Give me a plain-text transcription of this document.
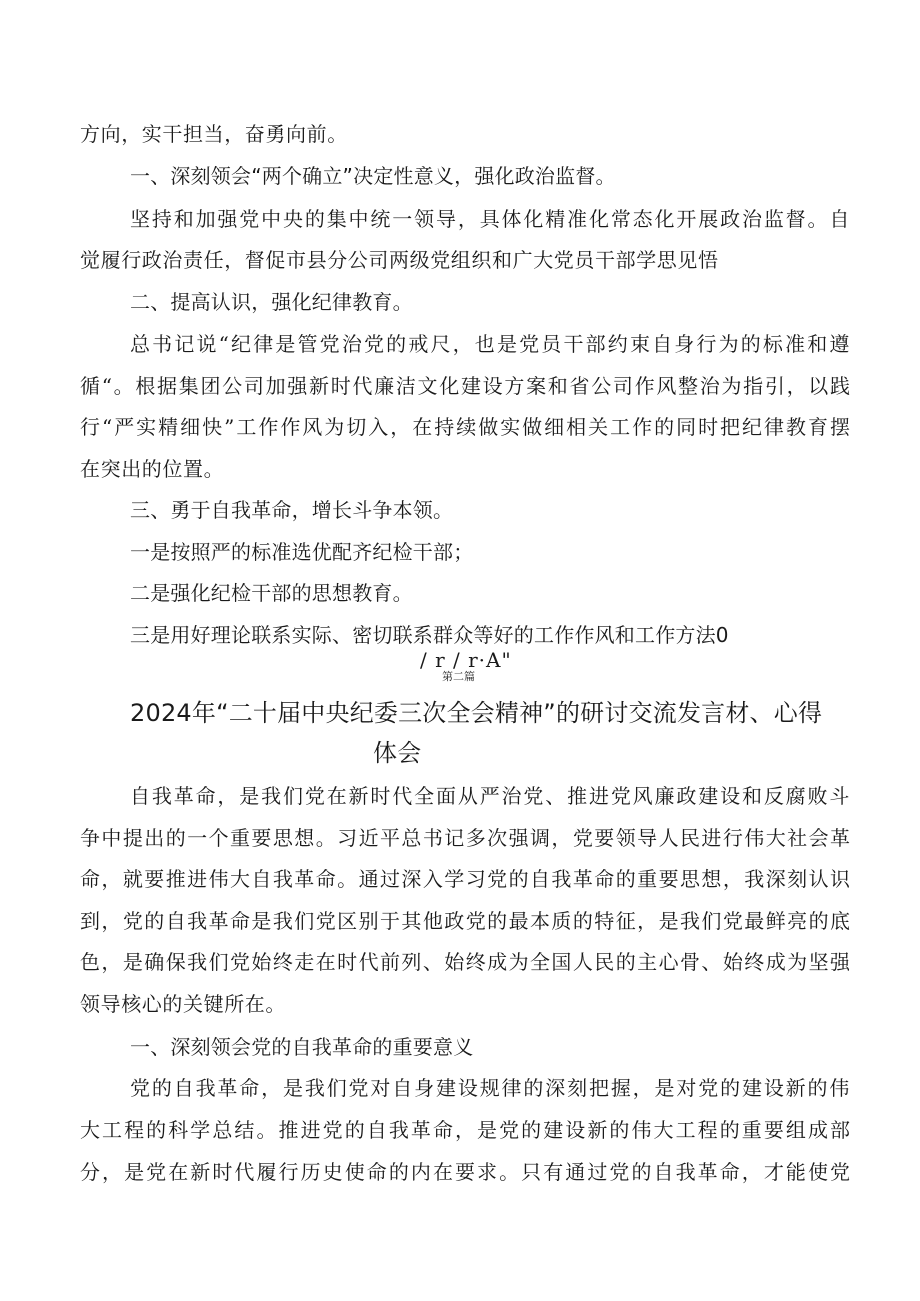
方向，实干担当，奋勇向前。
一、深刻领会“两个确立”决定性意义，强化政治监督。
坚持和加强党中央的集中统一领导，具体化精准化常态化开展政治监督。自
觉履行政治责任，督促市县分公司两级党组织和广大党员干部学思见悟
二、提高认识，强化纪律教育。
总书记说“纪律是管党治党的戒尺，也是党员干部约束自身行为的标准和遵
循“。根据集团公司加强新时代廉洁文化建设方案和省公司作风整治为指引，以践
行“严实精细快”工作作风为切入，在持续做实做细相关工作的同时把纪律教育摆
在突出的位置。
三、勇于自我革命，增长斗争本领。
一是按照严的标准选优配齐纪检干部；
二是强化纪检干部的思想教育。
三是用好理论联系实际、密切联系群众等好的工作作风和工作方法0
/ r / r·A"
第二篇
2024年“二十届中央纪委三次全会精神”的研讨交流发言材、心得
体会
自我革命，是我们党在新时代全面从严治党、推进党风廉政建设和反腐败斗
争中提出的一个重要思想。习近平总书记多次强调，党要领导人民进行伟大社会革
命，就要推进伟大自我革命。通过深入学习党的自我革命的重要思想，我深刻认识
到，党的自我革命是我们党区别于其他政党的最本质的特征，是我们党最鲜亮的底
色，是确保我们党始终走在时代前列、始终成为全国人民的主心骨、始终成为坚强
领导核心的关键所在。
一、深刻领会党的自我革命的重要意义
党的自我革命，是我们党对自身建设规律的深刻把握，是对党的建设新的伟
大工程的科学总结。推进党的自我革命，是党的建设新的伟大工程的重要组成部
分，是党在新时代履行历史使命的内在要求。只有通过党的自我革命，才能使党
